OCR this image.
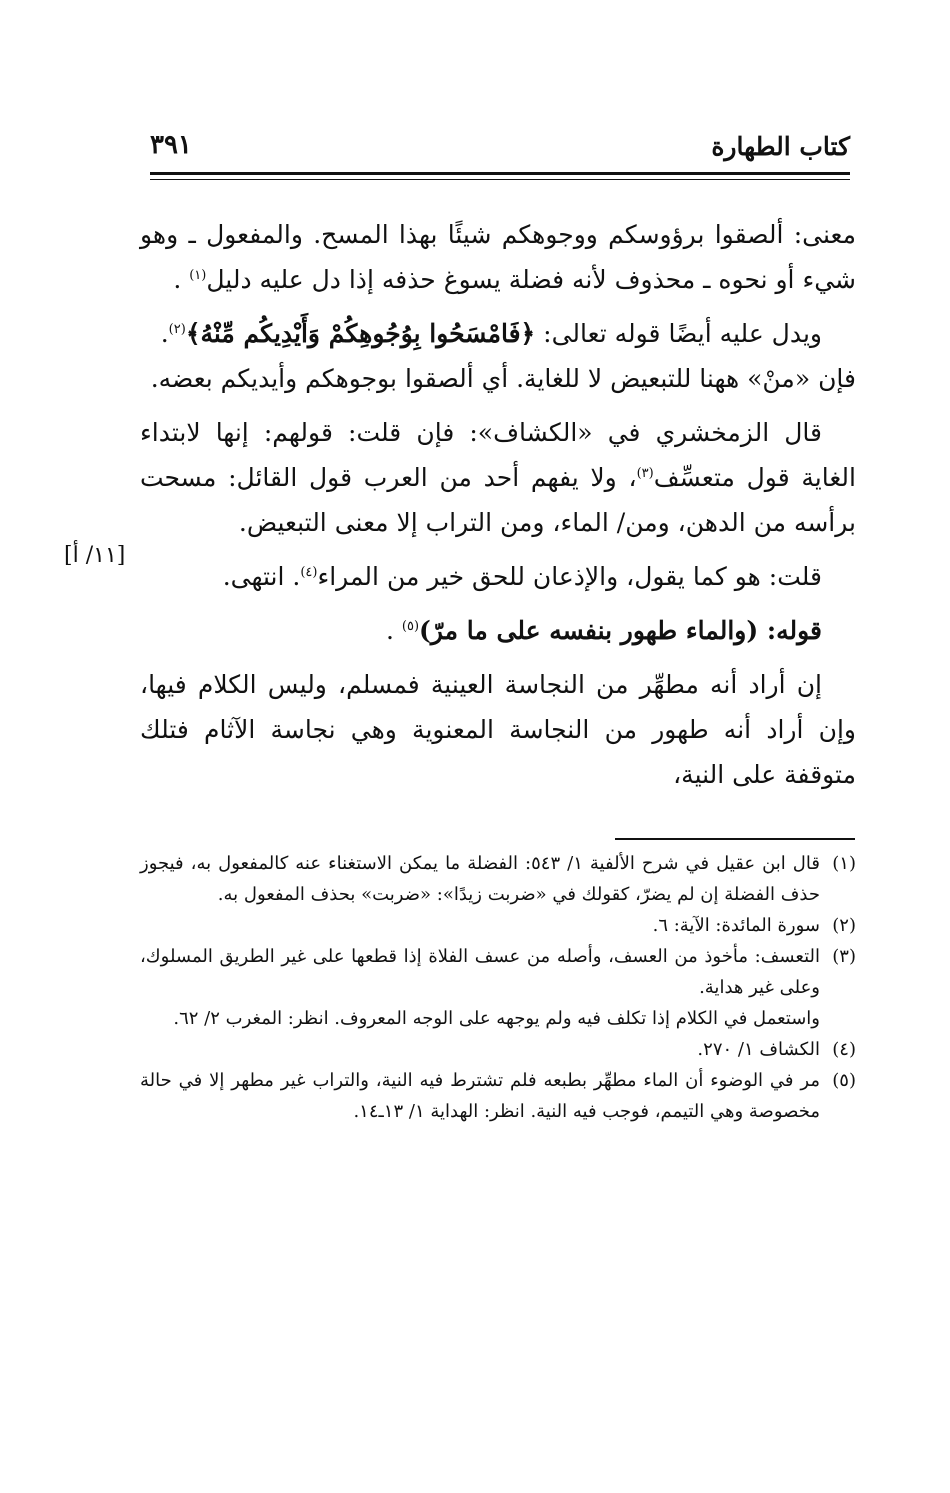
كتاب الطهارة
٣٩١
[١١/ أ]

معنى: ألصقوا برؤوسكم ووجوهكم شيئًا بهذا المسح. والمفعول ـ وهو شيء أو نحوه ـ محذوف لأنه فضلة يسوغ حذفه إذا دل عليه دليل$^{(١)}$ .

ويدل عليه أيضًا قوله تعالى: ﴿فَامْسَحُوا بِوُجُوهِكُمْ وَأَيْدِيكُم مِّنْهُ﴾$^{(٢)}$.
فإن «منْ» ههنا للتبعيض لا للغاية. أي ألصقوا بوجوهكم وأيديكم بعضه.

قال الزمخشري في «الكشاف»: فإن قلت: قولهم: إنها لابتداء الغاية قول متعسِّف$^{(٣)}$، ولا يفهم أحد من العرب قول القائل: مسحت برأسه من الدهن، ومن/ الماء، ومن التراب إلا معنى التبعيض.

قلت: هو كما يقول، والإذعان للحق خير من المراء$^{(٤)}$. انتهى.

قوله: (والماء طهور بنفسه على ما مرّ)$^{(٥)}$ .

إن أراد أنه مطهِّر من النجاسة العينية فمسلم، وليس الكلام فيها، وإن أراد أنه طهور من النجاسة المعنوية وهي نجاسة الآثام فتلك متوقفة على النية،

(١)
قال ابن عقيل في شرح الألفية ١/ ٥٤٣: الفضلة ما يمكن الاستغناء عنه كالمفعول به، فيجوز حذف الفضلة إن لم يضرّ، كقولك في «ضربت زيدًا»: «ضربت» بحذف المفعول به.

(٢)
سورة المائدة: الآية: ٦.

(٣)
التعسف: مأخوذ من العسف، وأصله من عسف الفلاة إذا قطعها على غير الطريق المسلوك، وعلى غير هداية.

واستعمل في الكلام إذا تكلف فيه ولم يوجهه على الوجه المعروف. انظر: المغرب ٢/ ٦٢.

(٤)
الكشاف ١/ ٢٧٠.

(٥)
مر في الوضوء أن الماء مطهِّر بطبعه فلم تشترط فيه النية، والتراب غير مطهر إلا في حالة مخصوصة وهي التيمم، فوجب فيه النية. انظر: الهداية ١/ ١٣ـ١٤.
